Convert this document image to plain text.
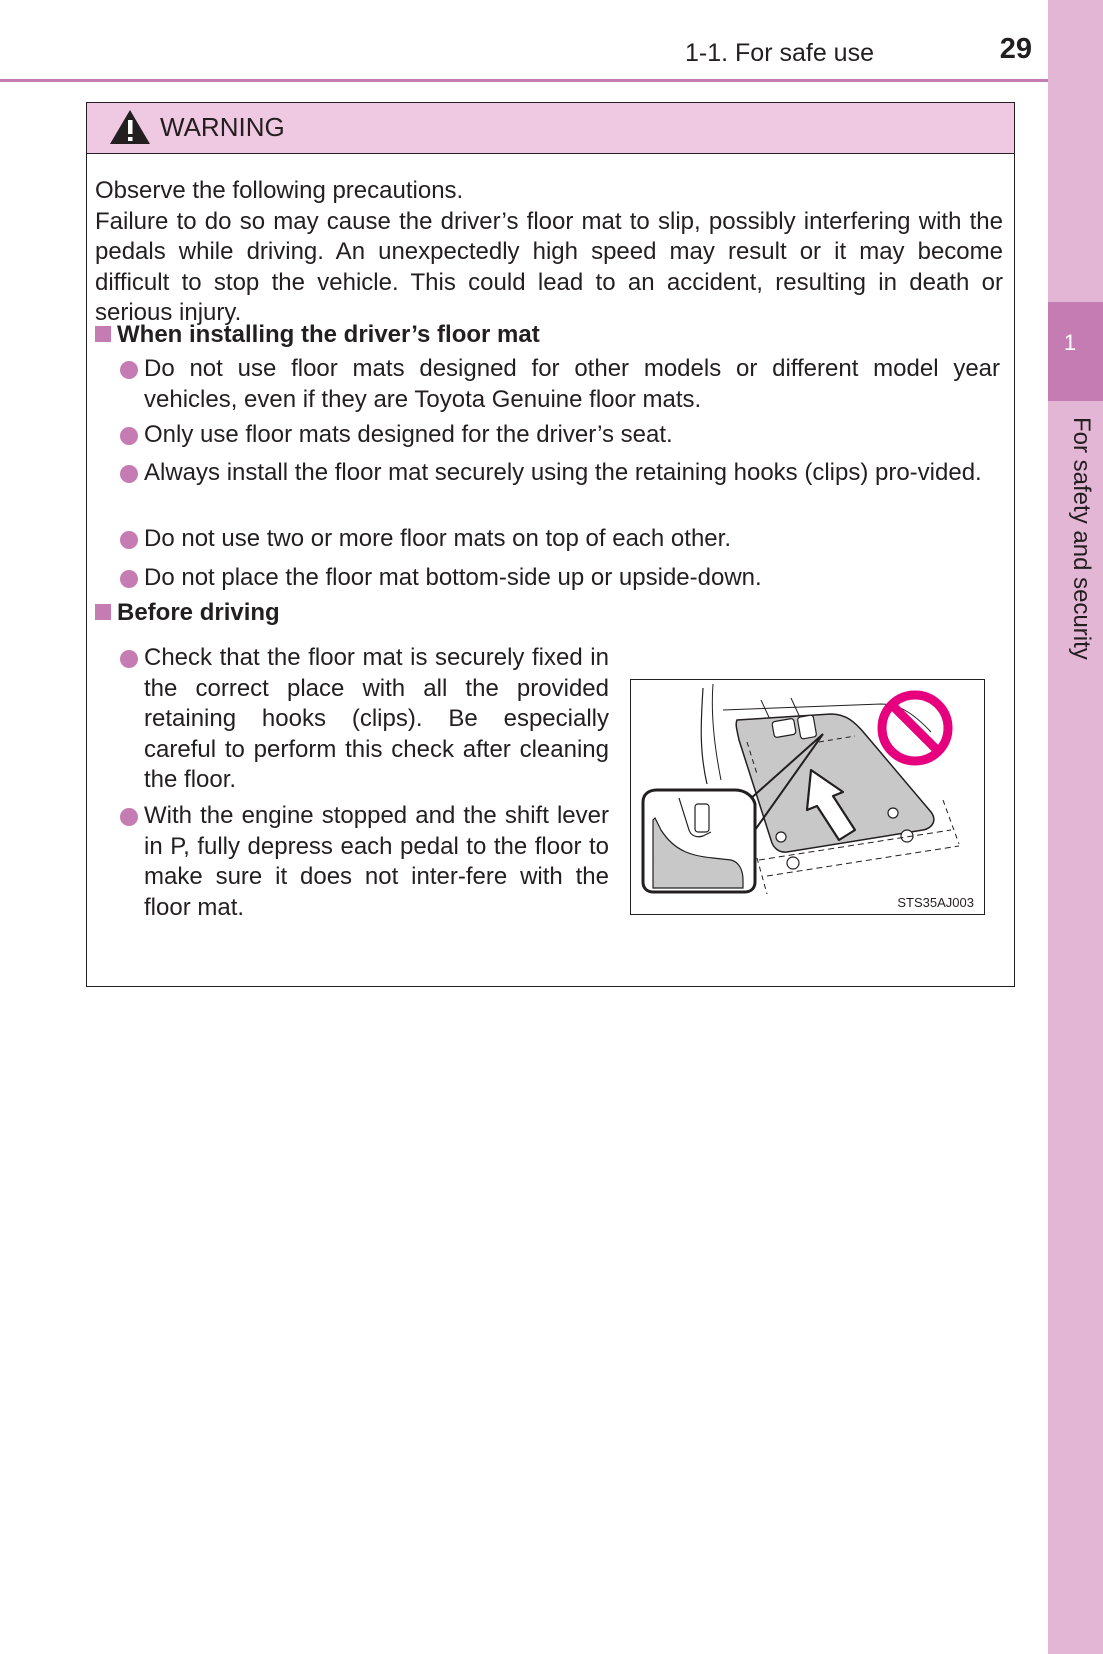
1
For safety and security
1-1. For safe use	29
WARNING

Observe the following precautions.
Failure to do so may cause the driver’s floor mat to slip, possibly interfering with the pedals while driving. An unexpectedly high speed may result or it may become difficult to stop the vehicle. This could lead to an accident, resulting in death or serious injury.

When installing the driver’s floor mat
Do not use floor mats designed for other models or different model year vehicles, even if they are Toyota Genuine floor mats.
Only use floor mats designed for the driver’s seat.
Always install the floor mat securely using the retaining hooks (clips) pro-vided.
Do not use two or more floor mats on top of each other.
Do not place the floor mat bottom-side up or upside-down.
Before driving
Check that the floor mat is securely fixed in the correct place with all the provided retaining hooks (clips). Be especially careful to perform this check after cleaning the floor.
With the engine stopped and the shift lever in P, fully depress each pedal to the floor to make sure it does not inter-fere with the floor mat.	STS35AJ003
